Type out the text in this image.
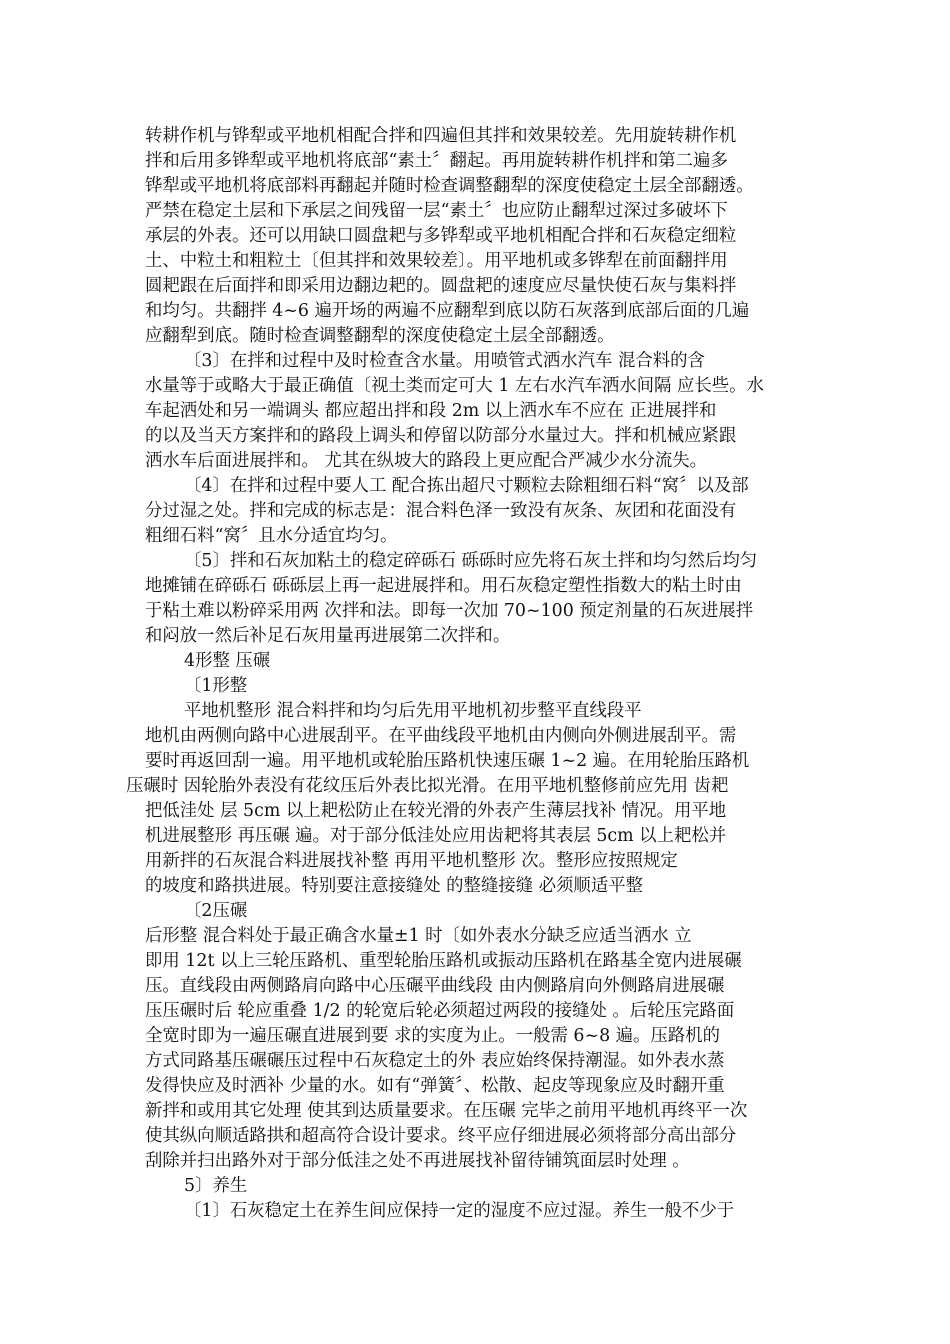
转耕作机与铧犁或平地机相配合拌和四遍但其拌和效果较差。先用旋转耕作机
拌和后用多铧犁或平地机将底部“素土〞翻起。再用旋转耕作机拌和第二遍多
铧犁或平地机将底部料再翻起并随时检查调整翻犁的深度使稳定土层全部翻透。
严禁在稳定土层和下承层之间残留一层“素土〞也应防止翻犁过深过多破坏下
承层的外表。还可以用缺口圆盘耙与多铧犁或平地机相配合拌和石灰稳定细粒
土、中粒土和粗粒土〔但其拌和效果较差〕。用平地机或多铧犁在前面翻拌用
圆耙跟在后面拌和即采用边翻边耙的。圆盘耙的速度应尽量快使石灰与集料拌
和均匀。共翻拌 4~6 遍开场的两遍不应翻犁到底以防石灰落到底部后面的几遍
应翻犁到底。随时检查调整翻犁的深度使稳定土层全部翻透。
〔3〕在拌和过程中及时检查含水量。用喷管式洒水汽车 混合料的含
水量等于或略大于最正确值〔视土类而定可大 1 左右水汽车洒水间隔 应长些。水
车起洒处和另一端调头 都应超出拌和段 2m 以上洒水车不应在 正进展拌和
的以及当天方案拌和的路段上调头和停留以防部分水量过大。拌和机械应紧跟
洒水车后面进展拌和。 尤其在纵坡大的路段上更应配合严减少水分流失。
〔4〕在拌和过程中要人工 配合拣出超尺寸颗粒去除粗细石料“窝〞以及部
分过湿之处。拌和完成的标志是：混合料色泽一致没有灰条、灰团和花面没有
粗细石料“窝〞且水分适宜均匀。
〔5〕拌和石灰加粘土的稳定碎砾石 砾砾时应先将石灰土拌和均匀然后均匀
地摊铺在碎砾石 砾砾层上再一起进展拌和。用石灰稳定塑性指数大的粘土时由
于粘土难以粉碎采用两 次拌和法。即每一次加 70~100 预定剂量的石灰进展拌
和闷放一然后补足石灰用量再进展第二次拌和。
4形整 压碾
〔1形整
平地机整形 混合料拌和均匀后先用平地机初步整平直线段平
地机由两侧向路中心进展刮平。在平曲线段平地机由内侧向外侧进展刮平。需
要时再返回刮一遍。用平地机或轮胎压路机快速压碾 1~2 遍。在用轮胎压路机
压碾时 因轮胎外表没有花纹压后外表比拟光滑。在用平地机整修前应先用 齿耙
把低洼处 层 5cm 以上耙松防止在较光滑的外表产生薄层找补 情况。用平地
机进展整形 再压碾 遍。对于部分低洼处应用齿耙将其表层 5cm 以上耙松并
用新拌的石灰混合料进展找补整 再用平地机整形 次。整形应按照规定
的坡度和路拱进展。特别要注意接缝处 的整缝接缝 必须顺适平整
〔2压碾
后形整 混合料处于最正确含水量±1 时〔如外表水分缺乏应适当洒水 立
即用 12t 以上三轮压路机、重型轮胎压路机或振动压路机在路基全宽内进展碾
压。直线段由两侧路肩向路中心压碾平曲线段 由内侧路肩向外侧路肩进展碾
压压碾时后 轮应重叠 1/2 的轮宽后轮必须超过两段的接缝处 。后轮压完路面
全宽时即为一遍压碾直进展到要 求的实度为止。一般需 6~8 遍。压路机的
方式同路基压碾碾压过程中石灰稳定土的外 表应始终保持潮湿。如外表水蒸
发得快应及时洒补 少量的水。如有“弹簧〞、松散、起皮等现象应及时翻开重
新拌和或用其它处理 使其到达质量要求。在压碾 完毕之前用平地机再终平一次
使其纵向顺适路拱和超高符合设计要求。终平应仔细进展必须将部分高出部分
刮除并扫出路外对于部分低洼之处不再进展找补留待铺筑面层时处理 。
5〕养生
〔1〕石灰稳定土在养生间应保持一定的湿度不应过湿。养生一般不少于
